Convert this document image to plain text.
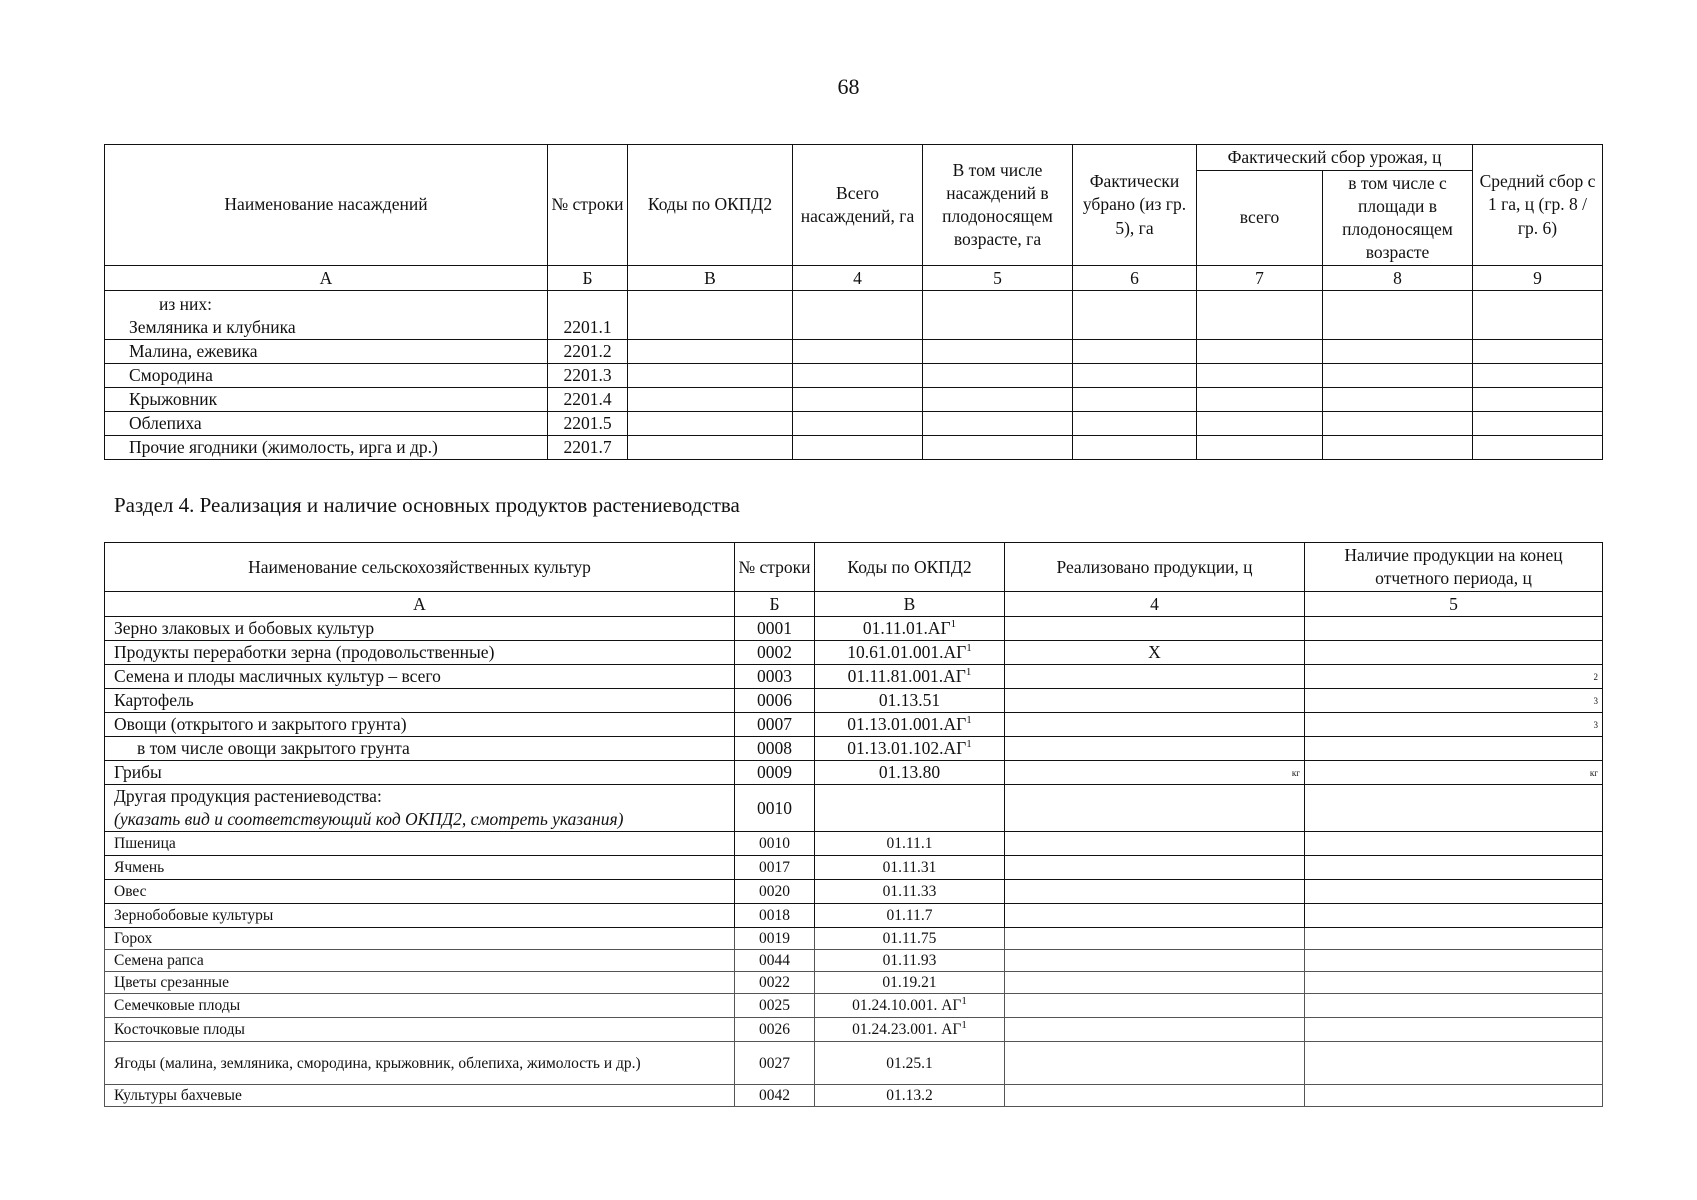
68
Наименование насаждений	№ строки	Коды по ОКПД2	Всего насаждений, га	В том числе насаждений в плодоносящем возрасте, га	Фактически убрано (из гр. 5), га	Фактический сбор урожая, ц		Средний сбор с 1 га, ц (гр. 8 / гр. 6)
						всего	в том числе с площади в плодоносящем возрасте	
А	Б	В	4	5	6	7	8	9

из них:
Земляника и клубника	2201.1							
Малина, ежевика	2201.2							
Смородина	2201.3							
Крыжовник	2201.4							
Облепиха	2201.5							
Прочие ягодники (жимолость, ирга и др.)	2201.7							
Раздел 4. Реализация и наличие основных продуктов растениеводства
Наименование сельскохозяйственных культур	№ строки	Коды по ОКПД2	Реализовано продукции, ц	Наличие продукции на конец отчетного периода, ц
А	Б	В	4	5
Зерно злаковых и бобовых культур	0001	$01.11.01.АГ^1$		
Продукты переработки зерна (продовольственные)	0002	$10.61.01.001.АГ^1$	X	
Семена и плоды масличных культур – всего	0003	$01.11.81.001.АГ^1$		2

Картофель	0006	01.13.51		3

Овощи (открытого и закрытого грунта)	0007	$01.13.01.001.АГ^1$		3

в том числе овощи закрытого грунта	0008	$01.13.01.102.АГ^1$		
Грибы	0009	01.13.80	кг	кг

Другая продукция растениеводства:
(указать вид и соответствующий код ОКПД2, смотреть указания)	0010			
Пшеница	0010	01.11.1		
Ячмень	0017	01.11.31		
Овес	0020	01.11.33		
Зернобобовые культуры	0018	01.11.7		
Горох	0019	01.11.75		
Семена рапса	0044	01.11.93		
Цветы срезанные	0022	01.19.21		
Семечковые плоды	0025	01.24.10.001. $АГ^1$		
Косточковые плоды	0026	01.24.23.001. $АГ^1$		
Ягоды (малина, земляника, смородина, крыжовник, облепиха, жимолость и др.)	0027	01.25.1		
Культуры бахчевые	0042	01.13.2		
